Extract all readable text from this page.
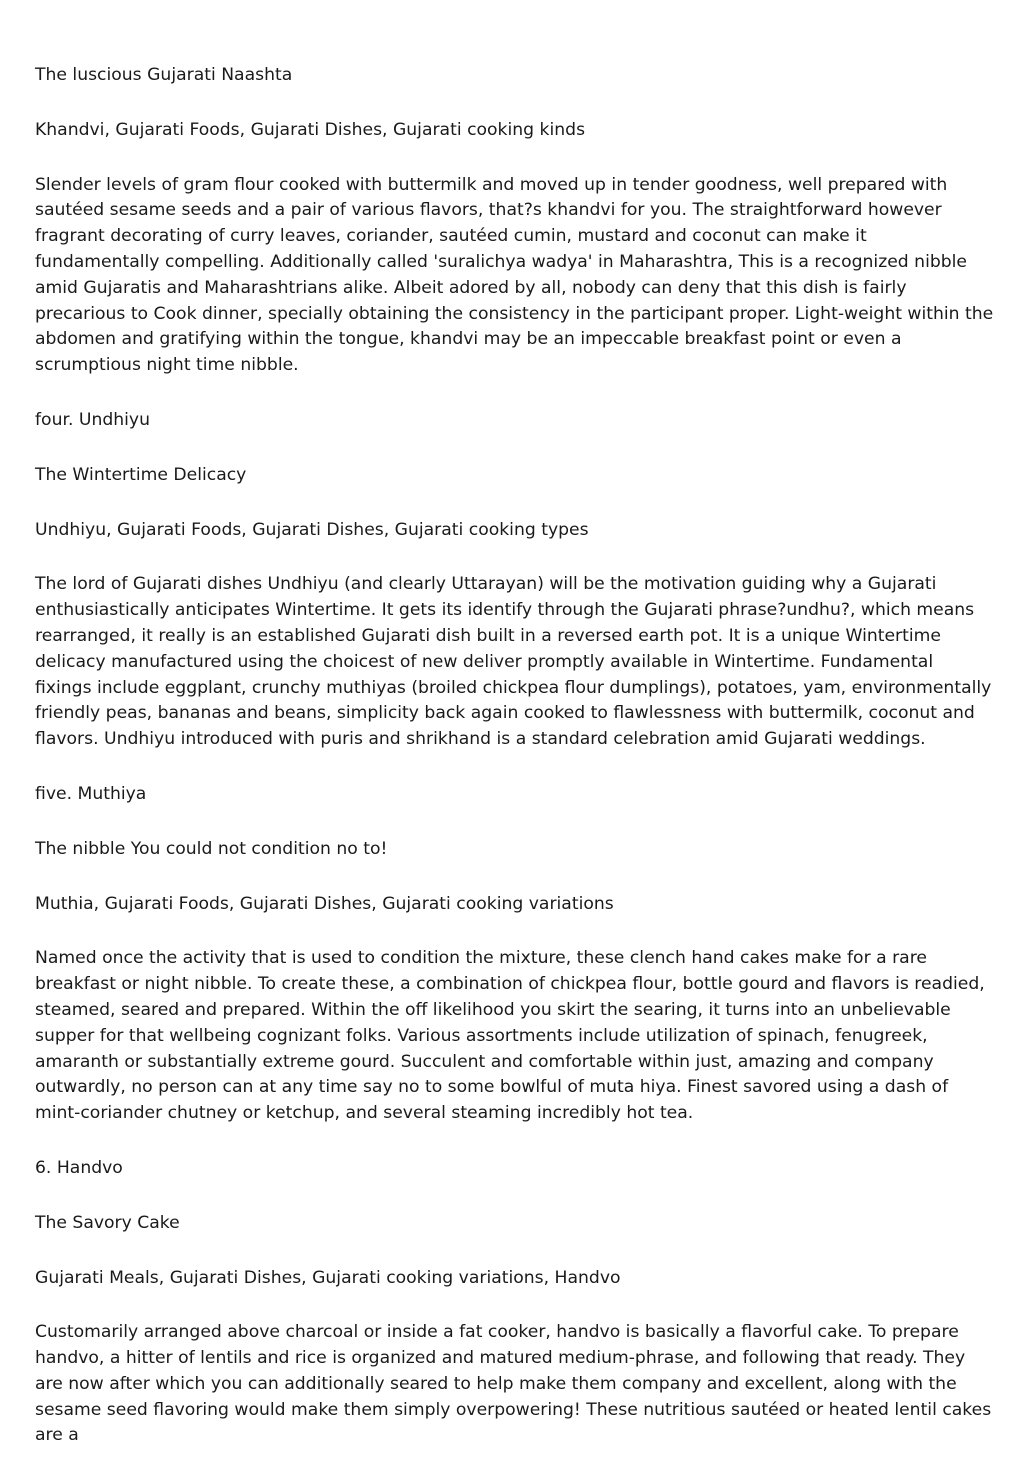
The luscious Gujarati Naashta

Khandvi, Gujarati Foods, Gujarati Dishes, Gujarati cooking kinds

Slender levels of gram flour cooked with buttermilk and moved up in tender goodness, well prepared with sautéed sesame seeds and a pair of various flavors, that?s khandvi for you. The straightforward however fragrant decorating of curry leaves, coriander, sautéed cumin, mustard and coconut can make it fundamentally compelling. Additionally called 'suralichya wadya' in Maharashtra, This is a recognized nibble amid Gujaratis and Maharashtrians alike. Albeit adored by all, nobody can deny that this dish is fairly precarious to Cook dinner, specially obtaining the consistency in the participant proper. Light-weight within the abdomen and gratifying within the tongue, khandvi may be an impeccable breakfast point or even a scrumptious night time nibble.

four. Undhiyu

The Wintertime Delicacy

Undhiyu, Gujarati Foods, Gujarati Dishes, Gujarati cooking types

The lord of Gujarati dishes Undhiyu (and clearly Uttarayan) will be the motivation guiding why a Gujarati enthusiastically anticipates Wintertime. It gets its identify through the Gujarati phrase?undhu?, which means rearranged, it really is an established Gujarati dish built in a reversed earth pot. It is a unique Wintertime delicacy manufactured using the choicest of new deliver promptly available in Wintertime. Fundamental fixings include eggplant, crunchy muthiyas (broiled chickpea flour dumplings), potatoes, yam, environmentally friendly peas, bananas and beans, simplicity back again cooked to flawlessness with buttermilk, coconut and flavors. Undhiyu introduced with puris and shrikhand is a standard celebration amid Gujarati weddings.

five. Muthiya

The nibble You could not condition no to!

Muthia, Gujarati Foods, Gujarati Dishes, Gujarati cooking variations

Named once the activity that is used to condition the mixture, these clench hand cakes make for a rare breakfast or night nibble. To create these, a combination of chickpea flour, bottle gourd and flavors is readied, steamed, seared and prepared. Within the off likelihood you skirt the searing, it turns into an unbelievable supper for that wellbeing cognizant folks. Various assortments include utilization of spinach, fenugreek, amaranth or substantially extreme gourd. Succulent and comfortable within just, amazing and company outwardly, no person can at any time say no to some bowlful of muta hiya. Finest savored using a dash of mint-coriander chutney or ketchup, and several steaming incredibly hot tea.

6. Handvo

The Savory Cake

Gujarati Meals, Gujarati Dishes, Gujarati cooking variations, Handvo

Customarily arranged above charcoal or inside a fat cooker, handvo is basically a flavorful cake. To prepare handvo, a hitter of lentils and rice is organized and matured medium-phrase, and following that ready. They are now after which you can additionally seared to help make them company and excellent, along with the sesame seed flavoring would make them simply overpowering! These nutritious sautéed or heated lentil cakes are a
